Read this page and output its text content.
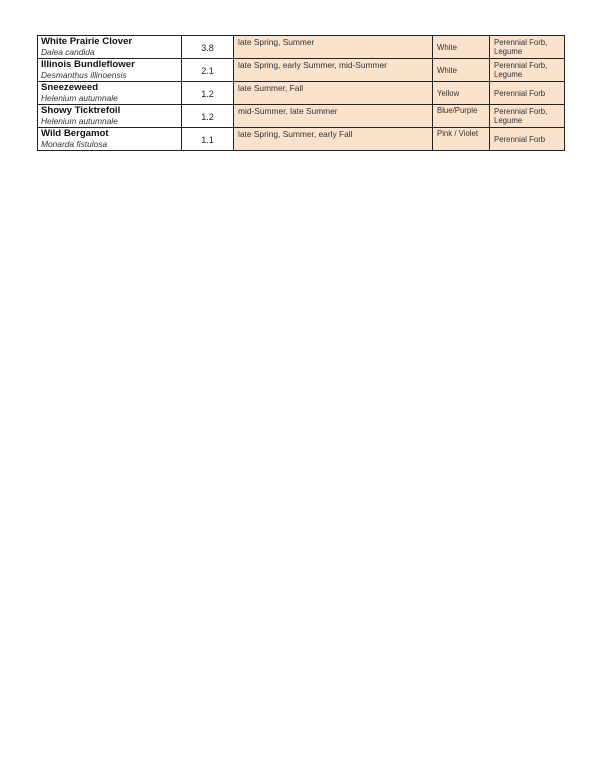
White Prairie Clover
Dalea candida	3.8	late Spring, Summer	White	Perennial Forb, Legume

Illinois Bundleflower
Desmanthus illinoensis	2.1	late Spring, early Summer, mid-Summer	White	Perennial Forb, Legume

Sneezeweed
Helenium autumnale	1.2	late Summer, Fall	Yellow	Perennial Forb

Showy Ticktrefoil
Helenium autumnale	1.2	mid-Summer, late Summer	Blue/Purple	Perennial Forb, Legume

Wild Bergamot
Monarda fistulosa	1.1	late Spring, Summer, early Fall	Pink / Violet	Perennial Forb
